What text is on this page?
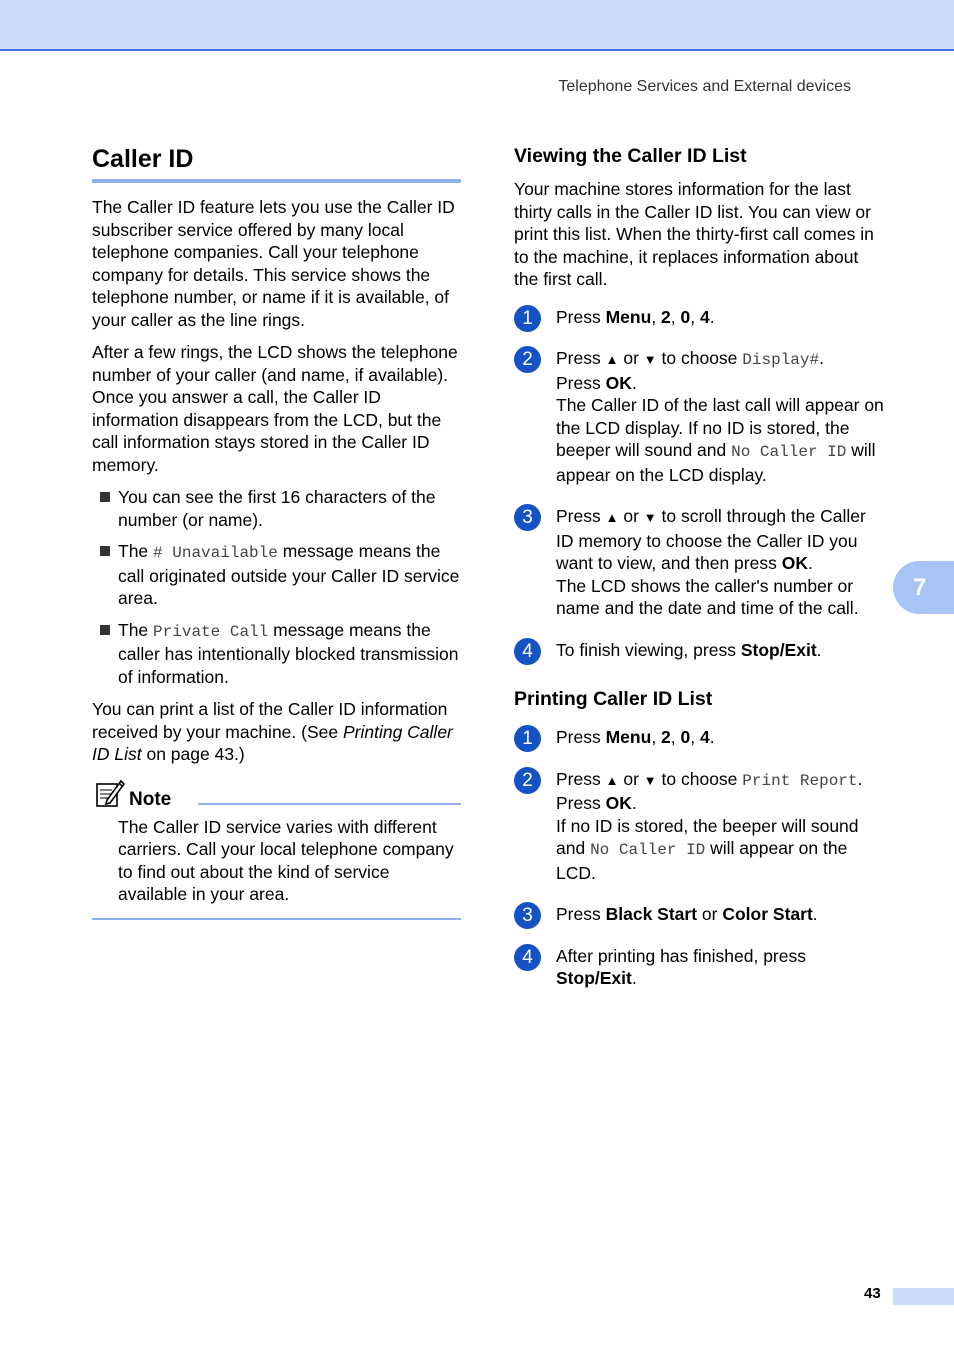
Telephone Services and External devices
7
43
Caller ID

The Caller ID feature lets you use the Caller ID subscriber service offered by many local telephone companies. Call your telephone company for details. This service shows the telephone number, or name if it is available, of your caller as the line rings.

After a few rings, the LCD shows the telephone number of your caller (and name, if available). Once you answer a call, the Caller ID information disappears from the LCD, but the call information stays stored in the Caller ID memory.

You can see the first 16 characters of the number (or name).
The # Unavailable message means the call originated outside your Caller ID service area.
The Private Call message means the caller has intentionally blocked transmission of information.

You can print a list of the Caller ID information received by your machine. (See Printing Caller ID List on page 43.)

Note
The Caller ID service varies with different carriers. Call your local telephone company to find out about the kind of service available in your area.
Viewing the Caller ID List

Your machine stores information for the last thirty calls in the Caller ID list. You can view or print this list. When the thirty-first call comes in to the machine, it replaces information about the first call.

1	Press Menu, 2, 0, 4.
2	Press ▲ or ▼ to choose Display#.
Press OK.
The Caller ID of the last call will appear on the LCD display. If no ID is stored, the beeper will sound and No Caller ID will appear on the LCD display.
3	Press ▲ or ▼ to scroll through the Caller ID memory to choose the Caller ID you want to view, and then press OK.
The LCD shows the caller's number or name and the date and time of the call.
4	To finish viewing, press Stop/Exit.
Printing Caller ID List
1	Press Menu, 2, 0, 4.
2	Press ▲ or ▼ to choose Print Report.
Press OK.
If no ID is stored, the beeper will sound and No Caller ID will appear on the LCD.
3	Press Black Start or Color Start.
4	After printing has finished, press Stop/Exit.
